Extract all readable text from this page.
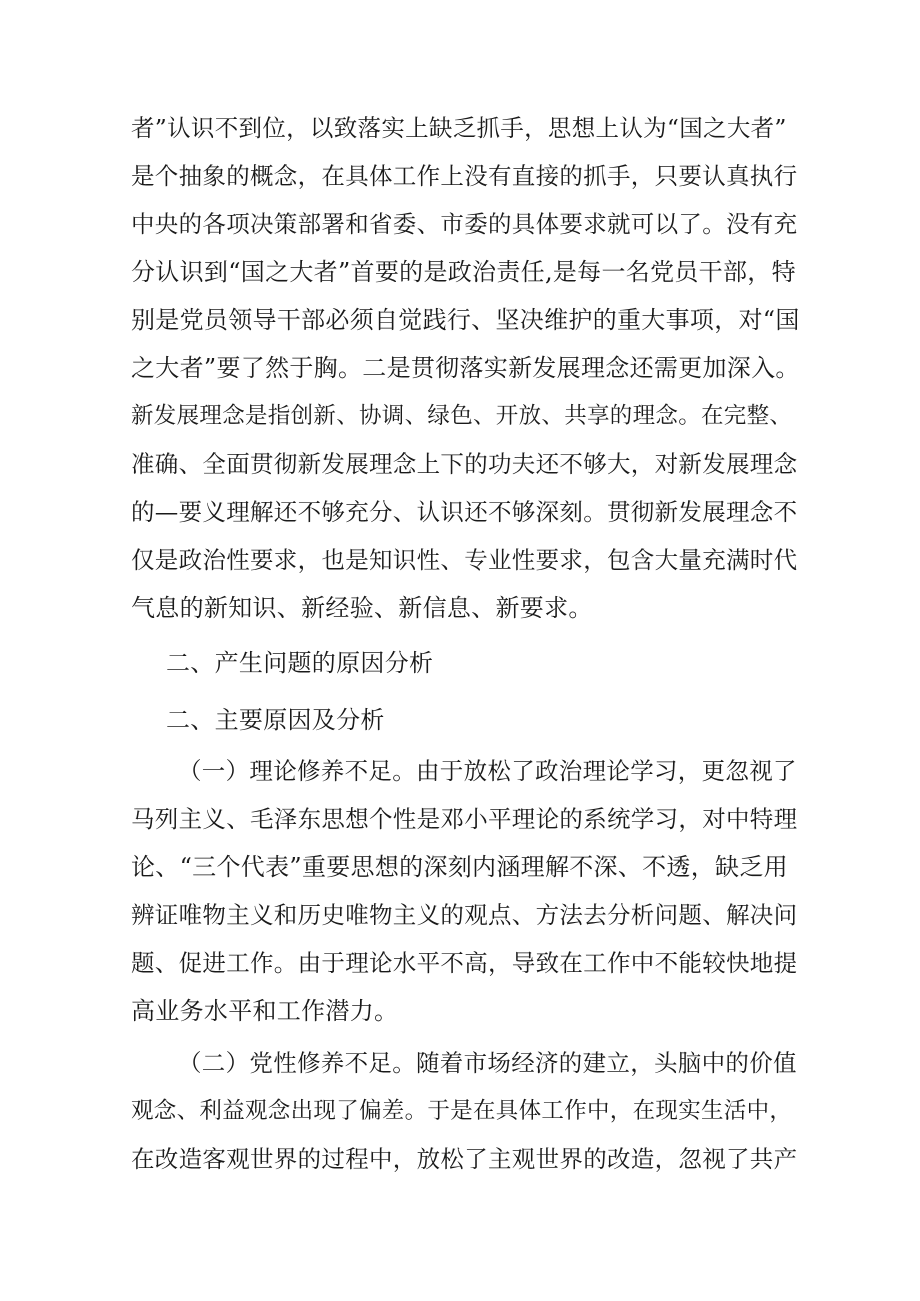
者”认识不到位，以致落实上缺乏抓手，思想上认为“国之大者”

是个抽象的概念，在具体工作上没有直接的抓手，只要认真执行

中央的各项决策部署和省委、市委的具体要求就可以了。没有充

分认识到“国之大者”首要的是政治责任,是每一名党员干部，特

别是党员领导干部必须自觉践行、坚决维护的重大事项，对“国

之大者”要了然于胸。二是贯彻落实新发展理念还需更加深入。

新发展理念是指创新、协调、绿色、开放、共享的理念。在完整、

准确、全面贯彻新发展理念上下的功夫还不够大，对新发展理念

的—要义理解还不够充分、认识还不够深刻。贯彻新发展理念不

仅是政治性要求，也是知识性、专业性要求，包含大量充满时代

气息的新知识、新经验、新信息、新要求。

二、产生问题的原因分析

二、主要原因及分析

（一）理论修养不足。由于放松了政治理论学习，更忽视了

马列主义、毛泽东思想个性是邓小平理论的系统学习，对中特理

论、“三个代表”重要思想的深刻内涵理解不深、不透，缺乏用

辨证唯物主义和历史唯物主义的观点、方法去分析问题、解决问

题、促进工作。由于理论水平不高，导致在工作中不能较快地提

高业务水平和工作潜力。

（二）党性修养不足。随着市场经济的建立，头脑中的价值

观念、利益观念出现了偏差。于是在具体工作中，在现实生活中，

在改造客观世界的过程中，放松了主观世界的改造，忽视了共产
